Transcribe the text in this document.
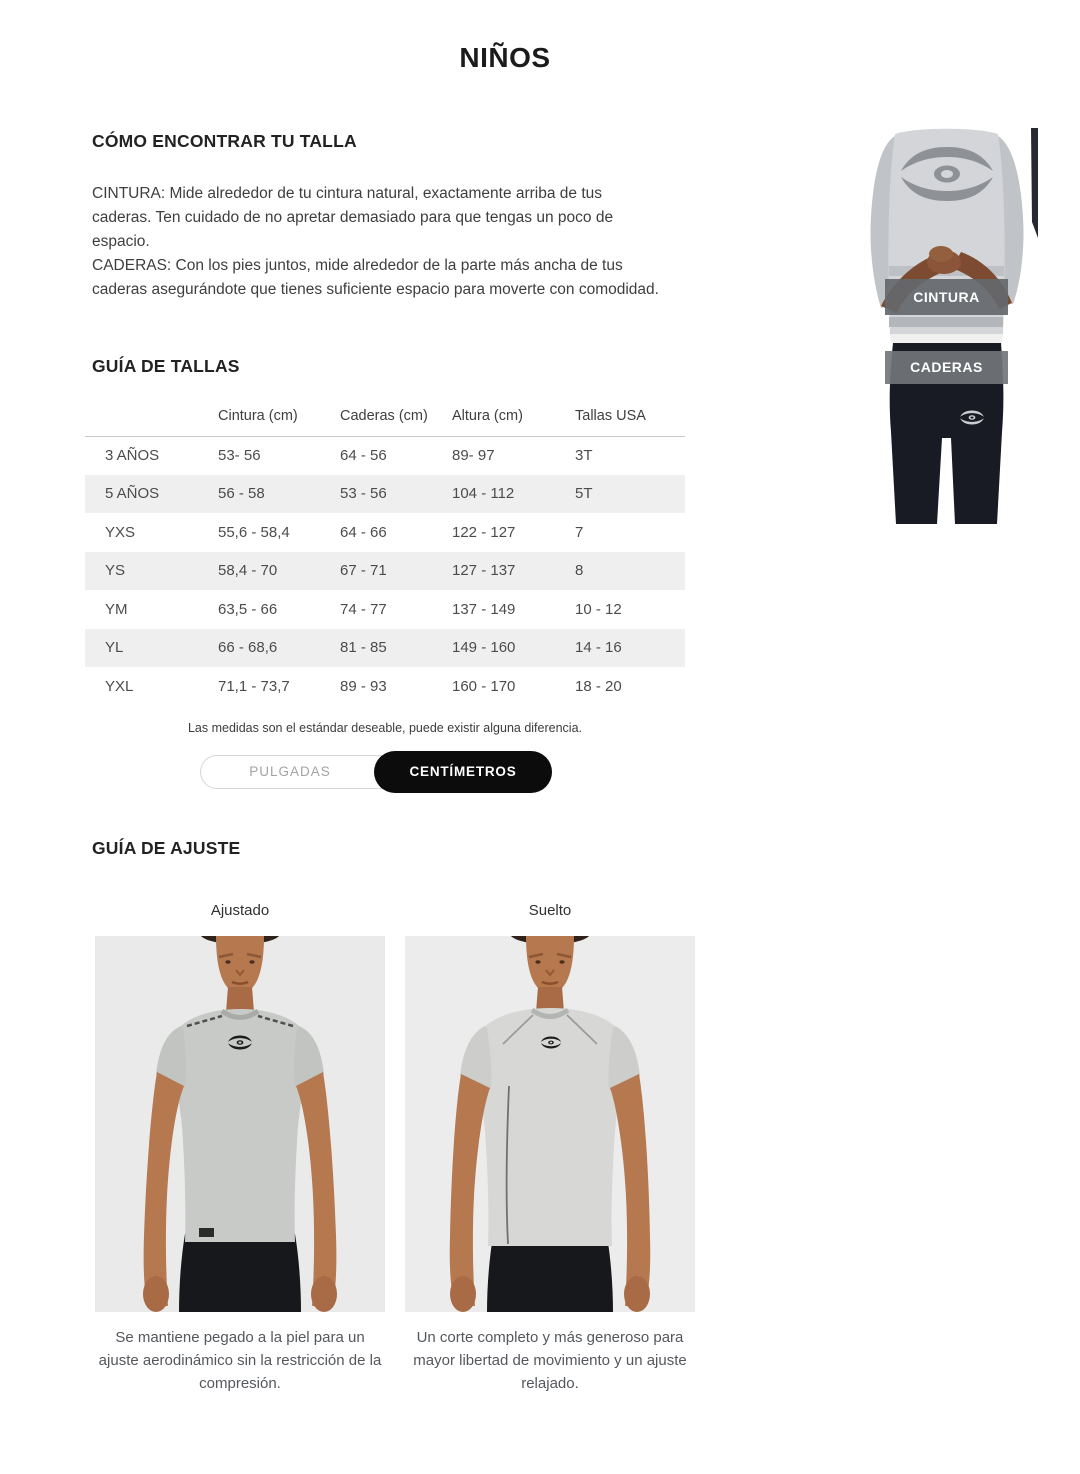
NIÑOS
CÓMO ENCONTRAR TU TALLA

CINTURA: Mide alrededor de tu cintura natural, exactamente arriba de tus caderas. Ten cuidado de no apretar demasiado para que tengas un poco de espacio.

CADERAS: Con los pies juntos, mide alrededor de la parte más ancha de tus caderas asegurándote que tienes suficiente espacio para moverte con comodidad.

GUÍA DE TALLAS
	Cintura (cm)	Caderas (cm)	Altura (cm)	Tallas USA
3 AÑOS	53- 56	64 - 56	89- 97	3T
5 AÑOS	56 - 58	53 - 56	104 - 112	5T
YXS	55,6 - 58,4	64 - 66	122 - 127	7
YS	58,4 - 70	67 - 71	127 - 137	8
YM	63,5 - 66	74 - 77	137 - 149	10 - 12
YL	66 - 68,6	81 - 85	149 - 160	14 - 16
YXL	71,1 - 73,7	89 - 93	160 - 170	18 - 20

Las medidas son el estándar deseable, puede existir alguna diferencia.

PULGADAS	CENTÍMETROS
GUÍA DE AJUSTE
Ajustado	Suelto

Se mantiene pegado a la piel para un ajuste aerodinámico sin la restricción de la compresión.

Un corte completo y más generoso para mayor libertad de movimiento y un ajuste relajado.

CINTURA
CADERAS
